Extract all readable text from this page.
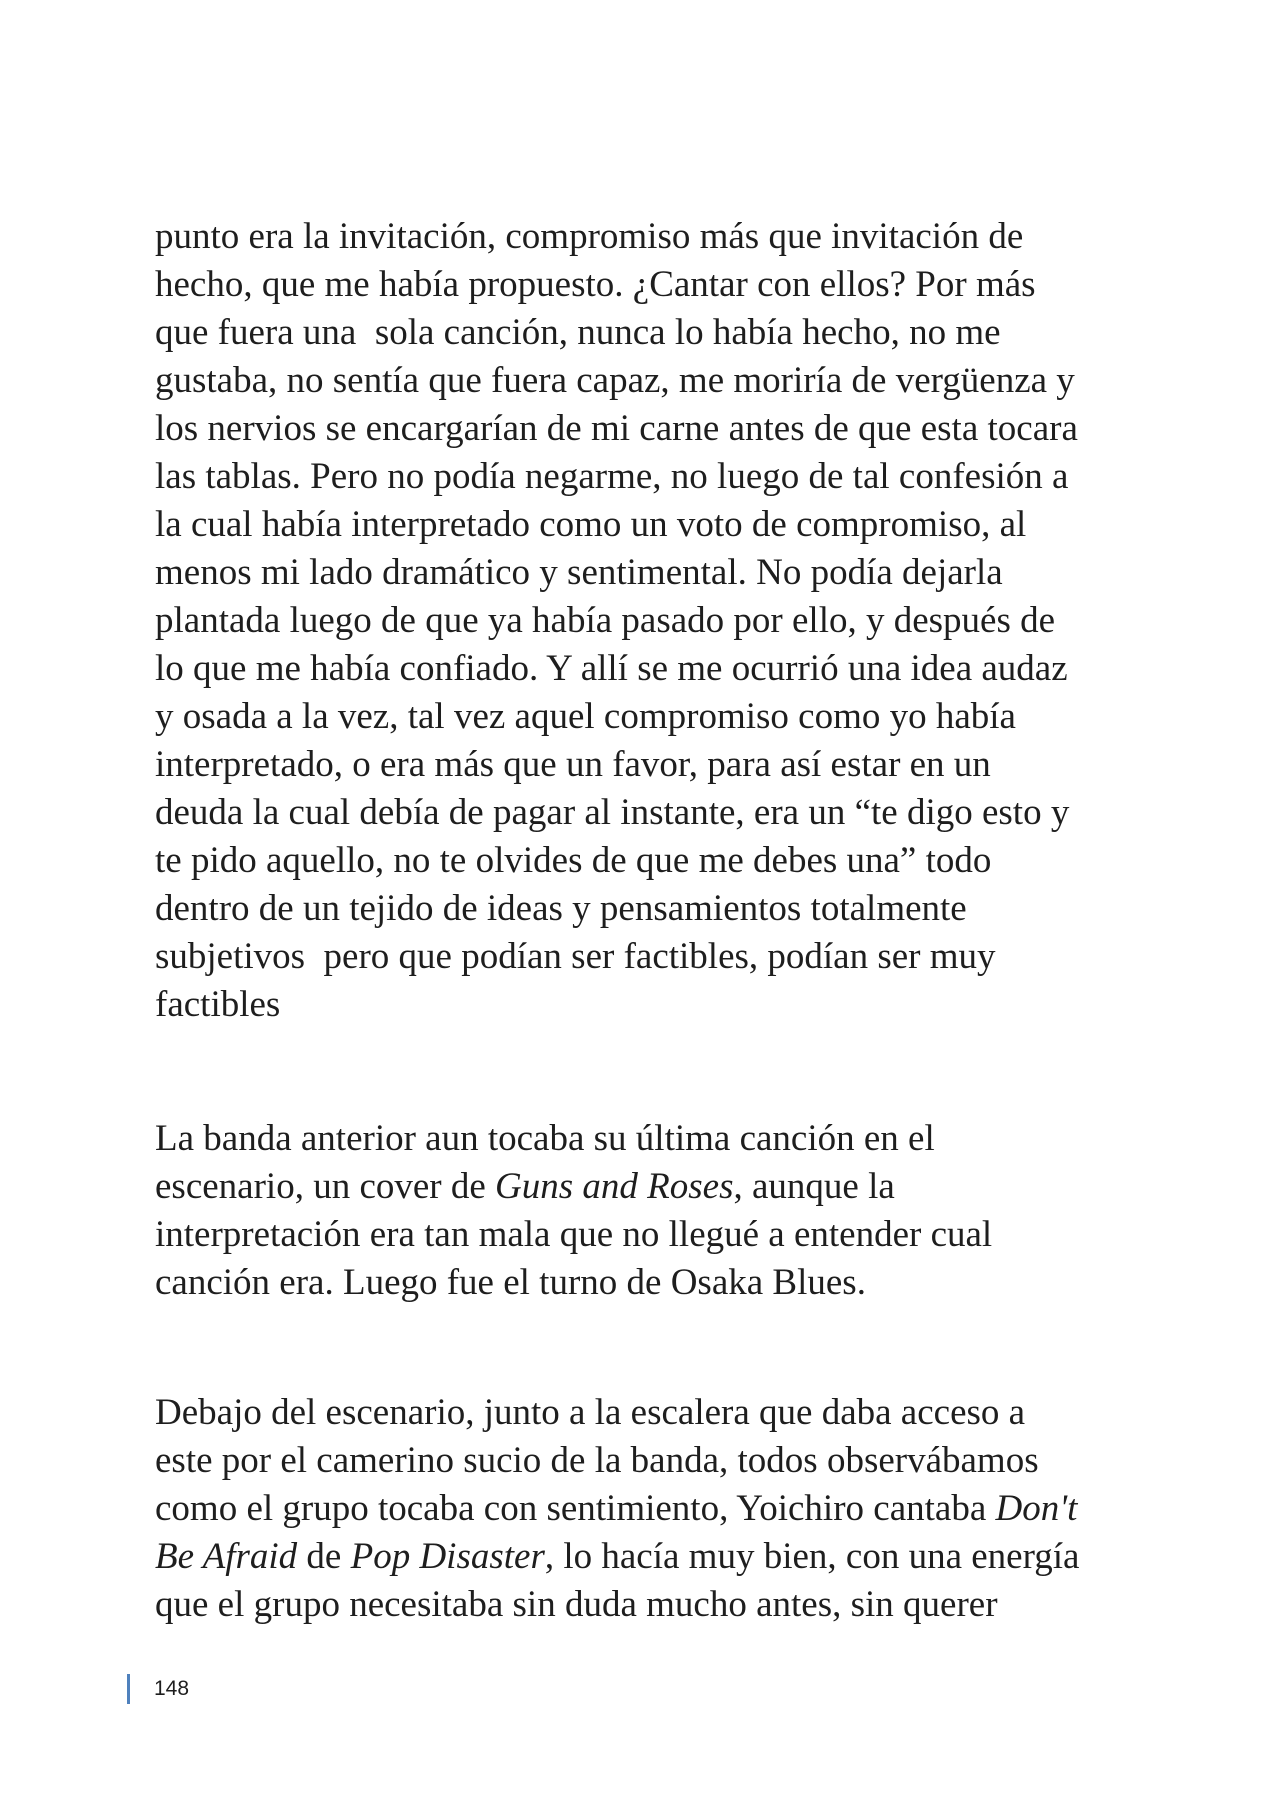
punto era la invitación, compromiso más que invitación de
hecho, que me había propuesto. ¿Cantar con ellos? Por más
que fuera una  sola canción, nunca lo había hecho, no me
gustaba, no sentía que fuera capaz, me moriría de vergüenza y
los nervios se encargarían de mi carne antes de que esta tocara
las tablas. Pero no podía negarme, no luego de tal confesión a
la cual había interpretado como un voto de compromiso, al
menos mi lado dramático y sentimental. No podía dejarla
plantada luego de que ya había pasado por ello, y después de
lo que me había confiado. Y allí se me ocurrió una idea audaz
y osada a la vez, tal vez aquel compromiso como yo había
interpretado, o era más que un favor, para así estar en un
deuda la cual debía de pagar al instante, era un “te digo esto y
te pido aquello, no te olvides de que me debes una” todo
dentro de un tejido de ideas y pensamientos totalmente
subjetivos  pero que podían ser factibles, podían ser muy
factibles
La banda anterior aun tocaba su última canción en el
escenario, un cover de Guns and Roses, aunque la
interpretación era tan mala que no llegué a entender cual
canción era. Luego fue el turno de Osaka Blues.
Debajo del escenario, junto a la escalera que daba acceso a
este por el camerino sucio de la banda, todos observábamos
como el grupo tocaba con sentimiento, Yoichiro cantaba Don't
Be Afraid de Pop Disaster, lo hacía muy bien, con una energía
que el grupo necesitaba sin duda mucho antes, sin querer
148
